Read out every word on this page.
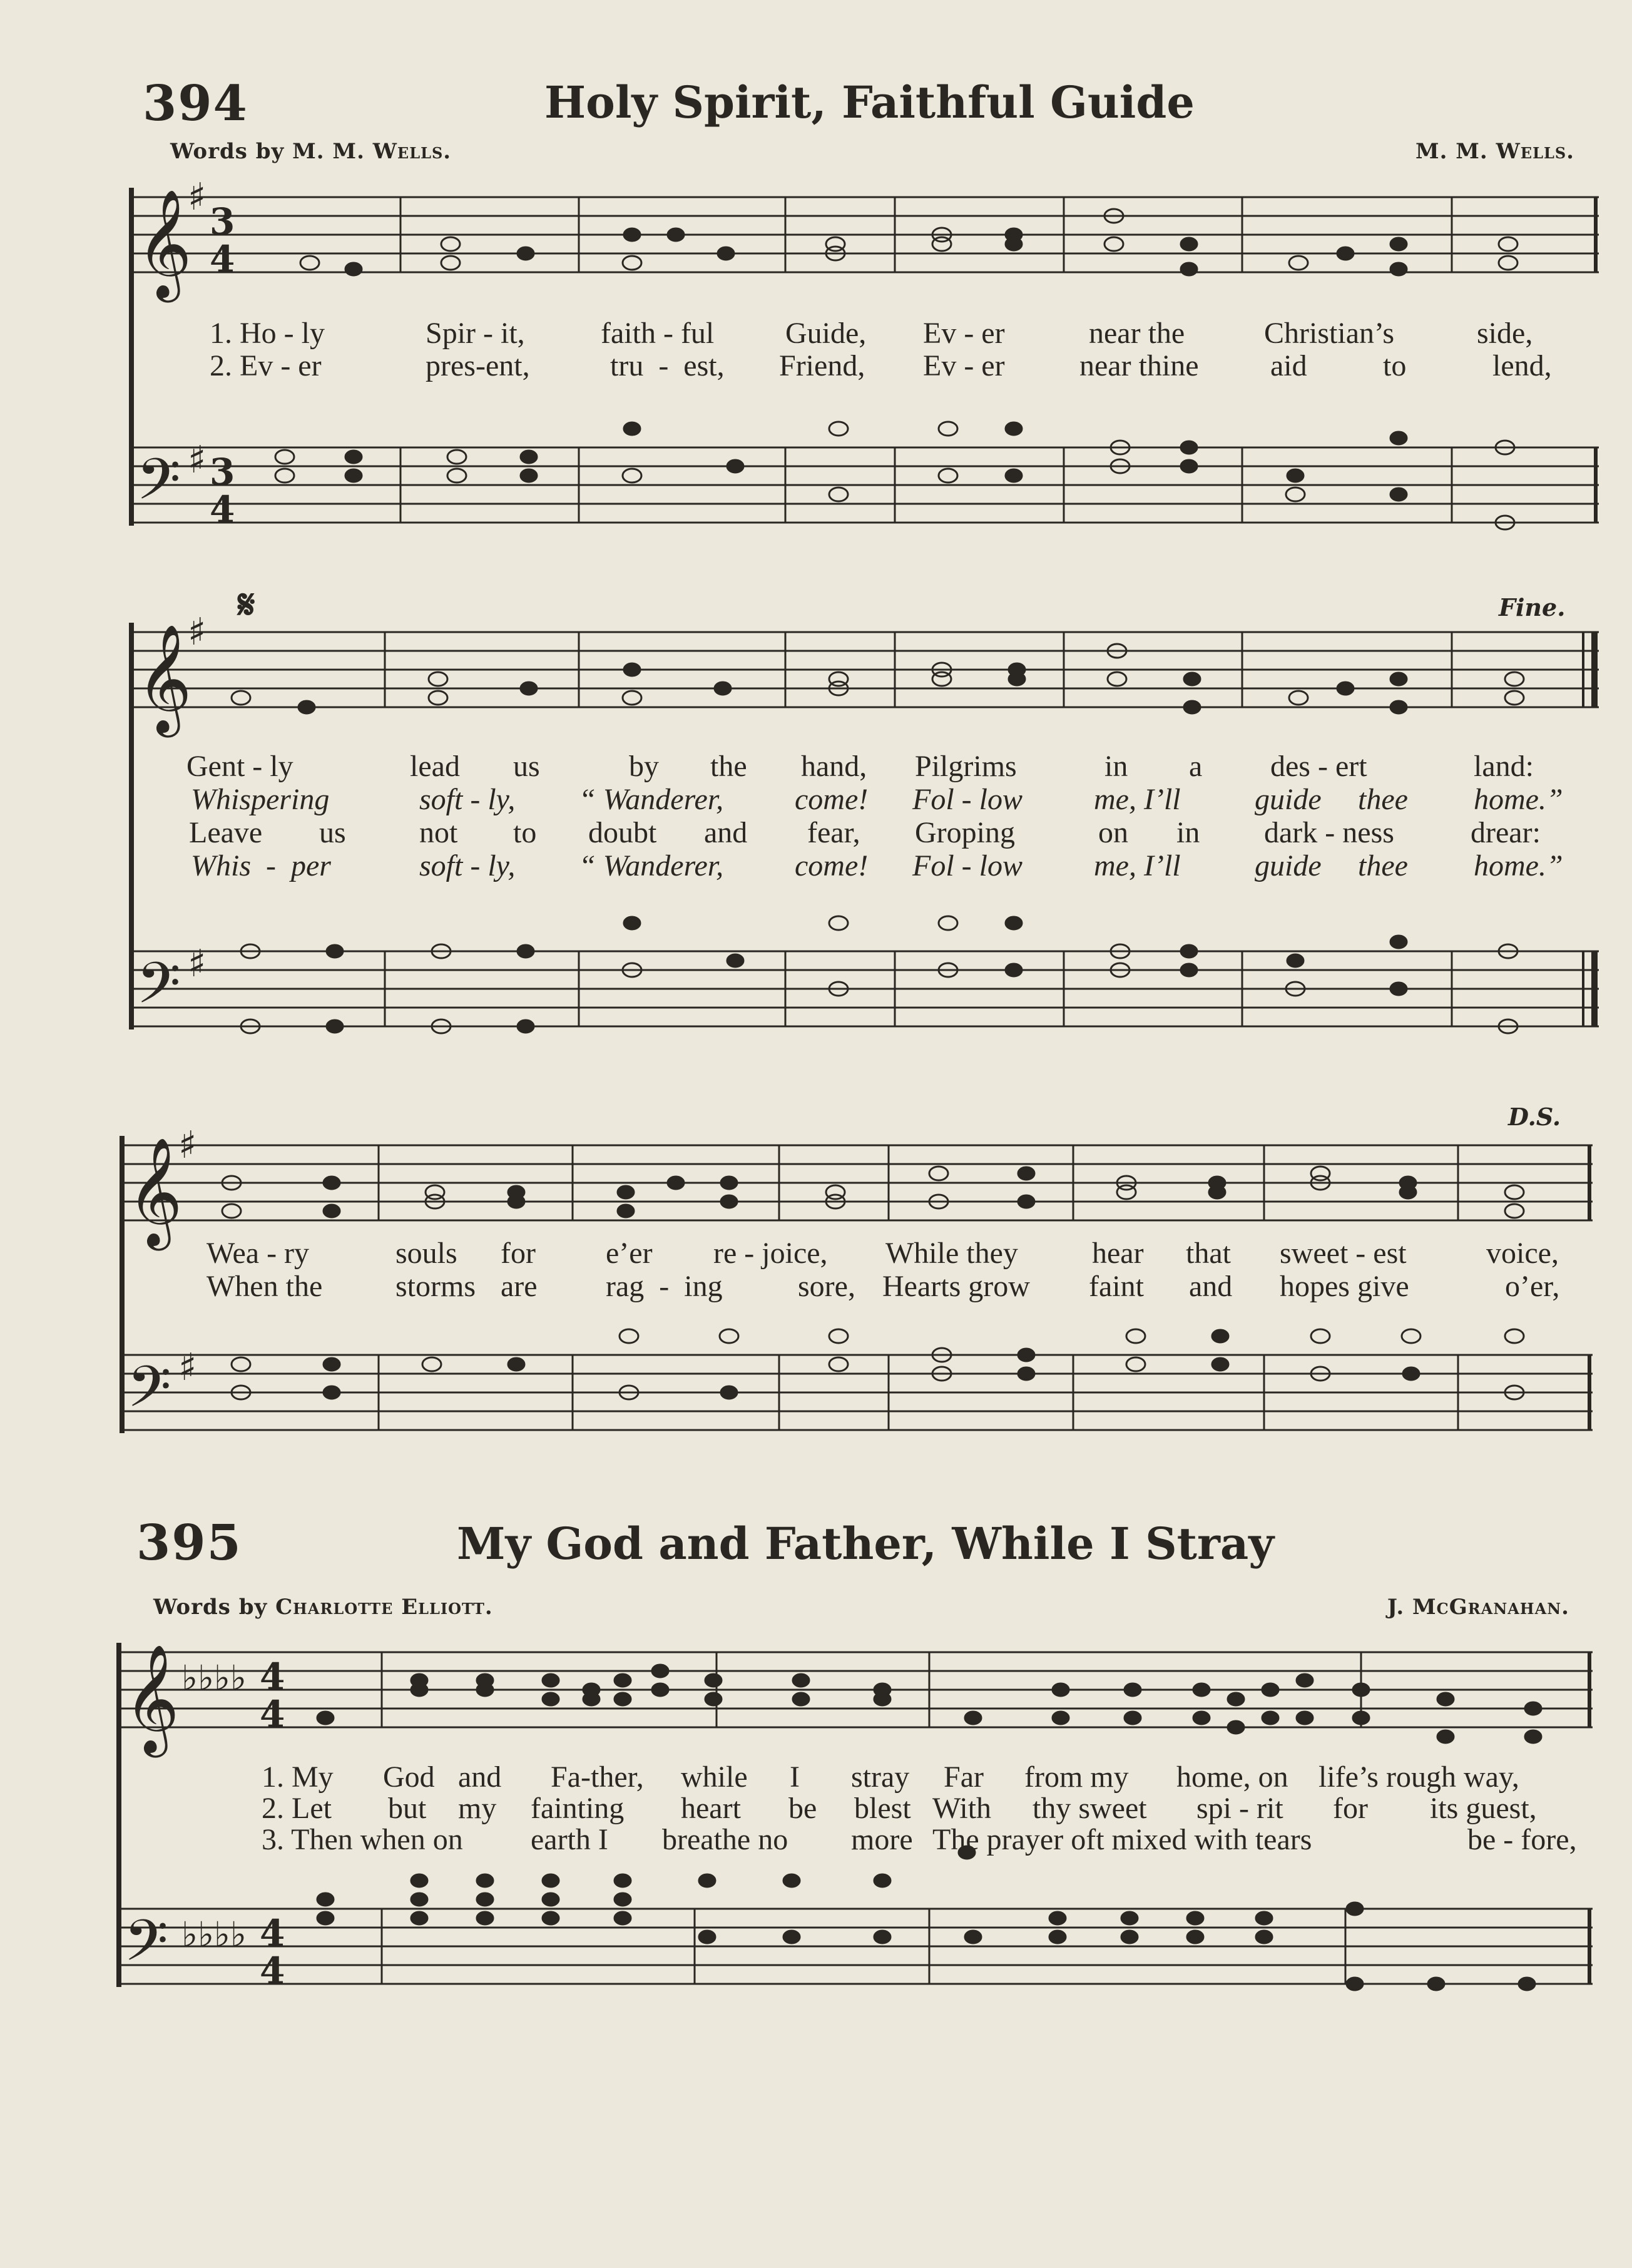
394	Holy Spirit, Faithful Guide
Words by M. M. Wells.	M. M. Wells.
𝄞
𝄢
𝄞
𝄢
𝄞
𝄢
𝄞
𝄢
♯
♯
♯
♯
♯
♯
♭♭♭♭
♭♭♭♭
3
4
3
4
4
4
4
4
1. Ho - ly	Spir - it,	faith - ful Guide, Ev - er	near the	Christian’s	side,
2. Ev - er	pres-ent,	tru  -  est, Friend, Ev - er near thine aid	to	lend,
𝄋	Fine.
Gent - ly	lead us	by the hand, Pilgrims	in a des - ert	land:
Whispering	soft - ly, “ Wanderer, come! Fol - low me, I’ll guide thee home.”
Leave us not to doubt and fear, Groping	on in dark - ness	drear:
Whis  -  per	soft - ly, “ Wanderer, come! Fol - low me, I’ll guide thee home.”
D.S.
Wea - ry	souls for e’er re - joice, While they hear that sweet - est	voice,
When the storms are rag  -  ing	sore, Hearts grow faint and hopes give	o’er,
395	My God and Father, While I Stray
Words by Charlotte Elliott.	J. McGranahan.
1. My God and Fa-ther, while I stray Far from my home, on life’s rough way,
2. Let but my fainting heart be blest With thy sweet spi - rit for its guest,
3. Then when on earth I breathe no more The prayer oft mixed with tears	be - fore,
